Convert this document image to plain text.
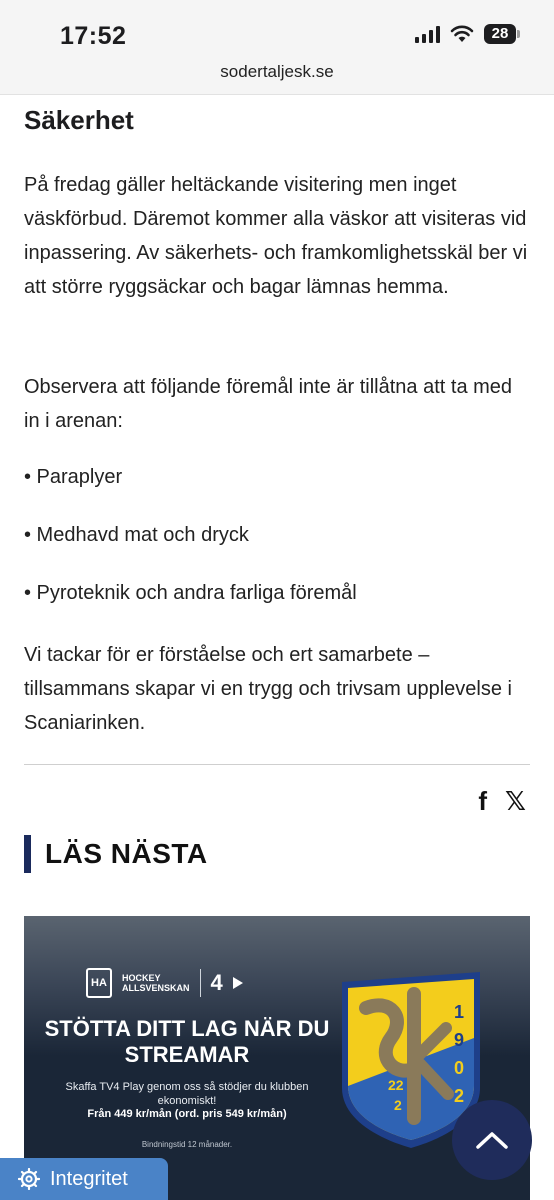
17:52	28
sodertaljesk.se
Säkerhet

På fredag gäller heltäckande visitering men inget väskförbud. Däremot kommer alla väskor att visiteras vid inpassering. Av säkerhets- och framkomlighetsskäl ber vi att större ryggsäckar och bagar lämnas hemma.

Observera att följande föremål inte är tillåtna att ta med in i arenan:

• Paraplyer
• Medhavd mat och dryck
• Pyroteknik och andra farliga föremål

Vi tackar för er förståelse och ert samarbete – tillsammans skapar vi en trygg och trivsam upplevelse i Scaniarinken.

f 𝕏
LÄS NÄSTA
HA	HOCKEY
ALLSVENSKAN 4
STÖTTA DITT LAG NÄR DU STREAMAR
Skaffa TV4 Play genom oss så stödjer du klubben ekonomiskt!
Från 449 kr/mån (ord. pris 549 kr/mån)
Bindningstid 12 månader.
1
9
0
2
22
2
Integritet
